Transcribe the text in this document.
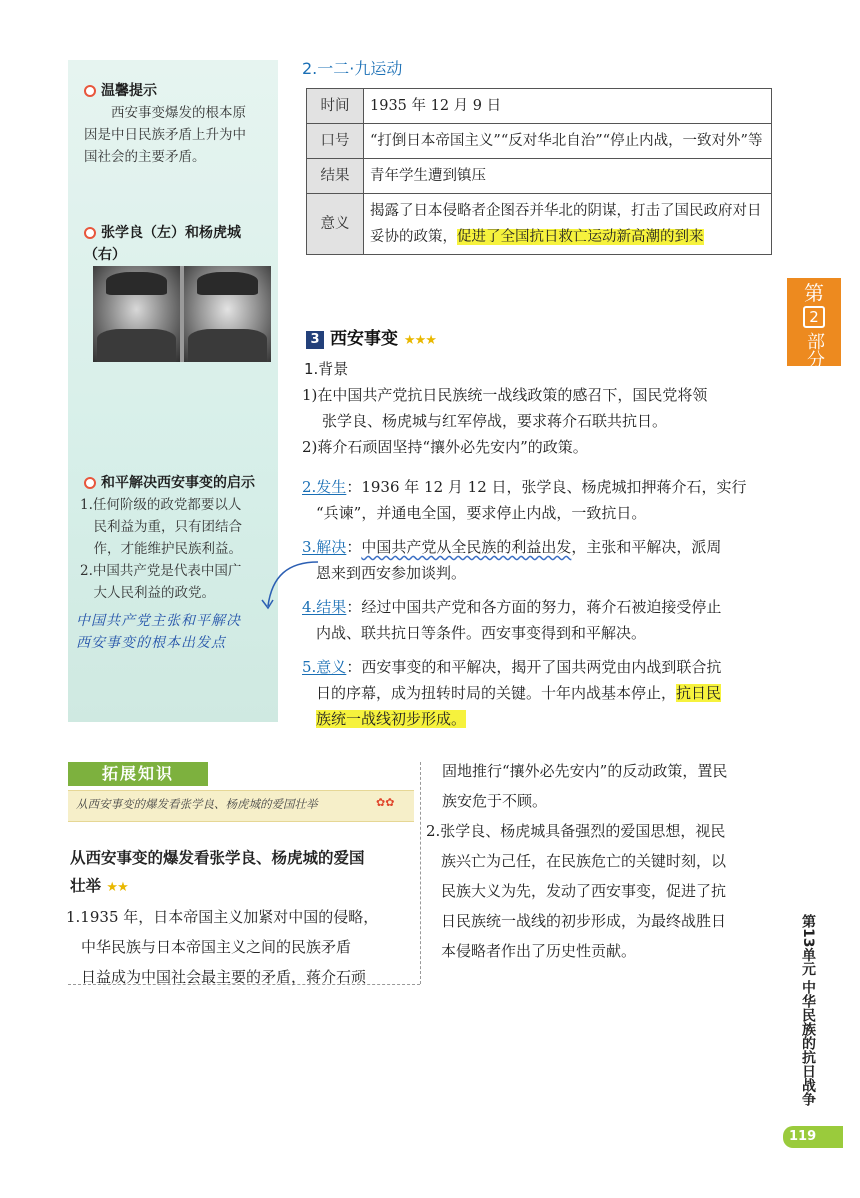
温馨提示
　　西安事变爆发的根本原
因是中日民族矛盾上升为中
国社会的主要矛盾。
张学良（左）和杨虎城
（右）
和平解决西安事变的启示
1.任何阶级的政党都要以人
　民利益为重，只有团结合
　作，才能维护民族利益。
2.中国共产党是代表中国广
　大人民利益的政党。
中国共产党主张和平解决
西安事变的根本出发点
2.一二·九运动
时间	1935 年 12 月 9 日
口号	“打倒日本帝国主义”“反对华北自治”“停止内战，一致对外”等
结果	青年学生遭到镇压
意义	揭露了日本侵略者企图吞并华北的阴谋，打击了国民政府对日妥协的政策，促进了全国抗日救亡运动新高潮的到来
3 西安事变 ★★★
1.背景
1)在中国共产党抗日民族统一战线政策的感召下，国民党将领
张学良、杨虎城与红军停战，要求蒋介石联共抗日。
2)蒋介石顽固坚持“攘外必先安内”的政策。
2.发生：1936 年 12 月 12 日，张学良、杨虎城扣押蒋介石，实行
“兵谏”，并通电全国，要求停止内战，一致抗日。
3.解决：中国共产党从全民族的利益出发，主张和平解决，派周
恩来到西安参加谈判。
4.结果：经过中国共产党和各方面的努力，蒋介石被迫接受停止
内战、联共抗日等条件。西安事变得到和平解决。
5.意义：西安事变的和平解决，揭开了国共两党由内战到联合抗
日的序幕，成为扭转时局的关键。十年内战基本停止，抗日民
族统一战线初步形成。
第
2
部分
第13单元 中华民族的抗日战争
119
拓展知识
从西安事变的爆发看张学良、杨虎城的爱国壮举	✿✿
从西安事变的爆发看张学良、杨虎城的爱国
壮举 ★★
1.1935 年，日本帝国主义加紧对中国的侵略，
　中华民族与日本帝国主义之间的民族矛盾
　日益成为中国社会最主要的矛盾，蒋介石顽
固地推行“攘外必先安内”的反动政策，置民
族安危于不顾。
2.张学良、杨虎城具备强烈的爱国思想，视民
　族兴亡为己任，在民族危亡的关键时刻，以
　民族大义为先，发动了西安事变，促进了抗
　日民族统一战线的初步形成，为最终战胜日
　本侵略者作出了历史性贡献。
